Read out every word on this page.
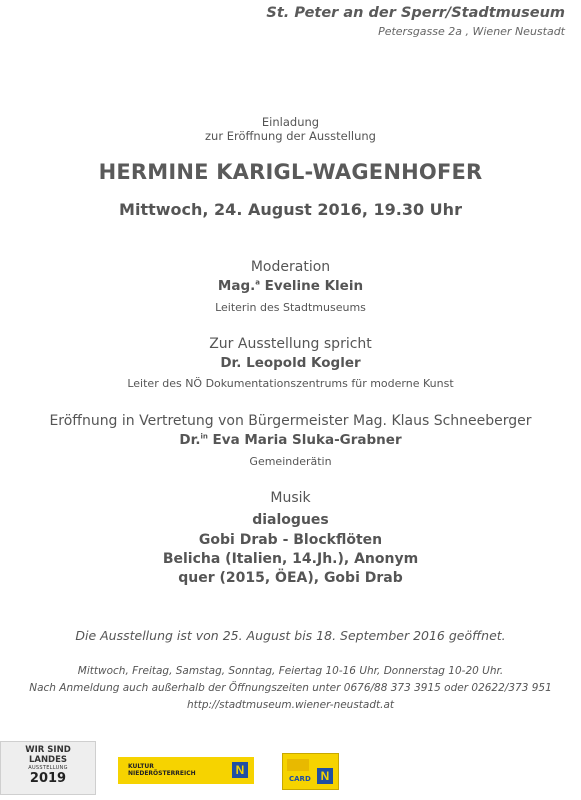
St. Peter an der Sperr/Stadtmuseum
Petersgasse 2a , Wiener Neustadt
Einladung
zur Eröffnung der Ausstellung
HERMINE KARIGL-WAGENHOFER
Mittwoch, 24. August 2016, 19.30 Uhr
Moderation
Mag.$^a$ Eveline Klein
Leiterin des Stadtmuseums
Zur Ausstellung spricht
Dr. Leopold Kogler
Leiter des NÖ Dokumentationszentrums für moderne Kunst
Eröffnung in Vertretung von Bürgermeister Mag. Klaus Schneeberger
Dr.$^{in}$ Eva Maria Sluka-Grabner
Gemeinderätin
Musik
dialogues
Gobi Drab - Blockflöten
Belicha (Italien, 14.Jh.), Anonym
quer (2015, ÖEA), Gobi Drab
Die Ausstellung ist von 25. August bis 18. September 2016 geöffnet.
Mittwoch, Freitag, Samstag, Sonntag, Feiertag 10-16 Uhr, Donnerstag 10-20 Uhr.
Nach Anmeldung auch außerhalb der Öffnungszeiten unter 0676/88 373 3915 oder 02622/373 951
http://stadtmuseum.wiener-neustadt.at
WIR SIND
LANDES
AUSSTELLUNG
2019
KULTUR
NIEDERÖSTERREICH	N
CARD N
